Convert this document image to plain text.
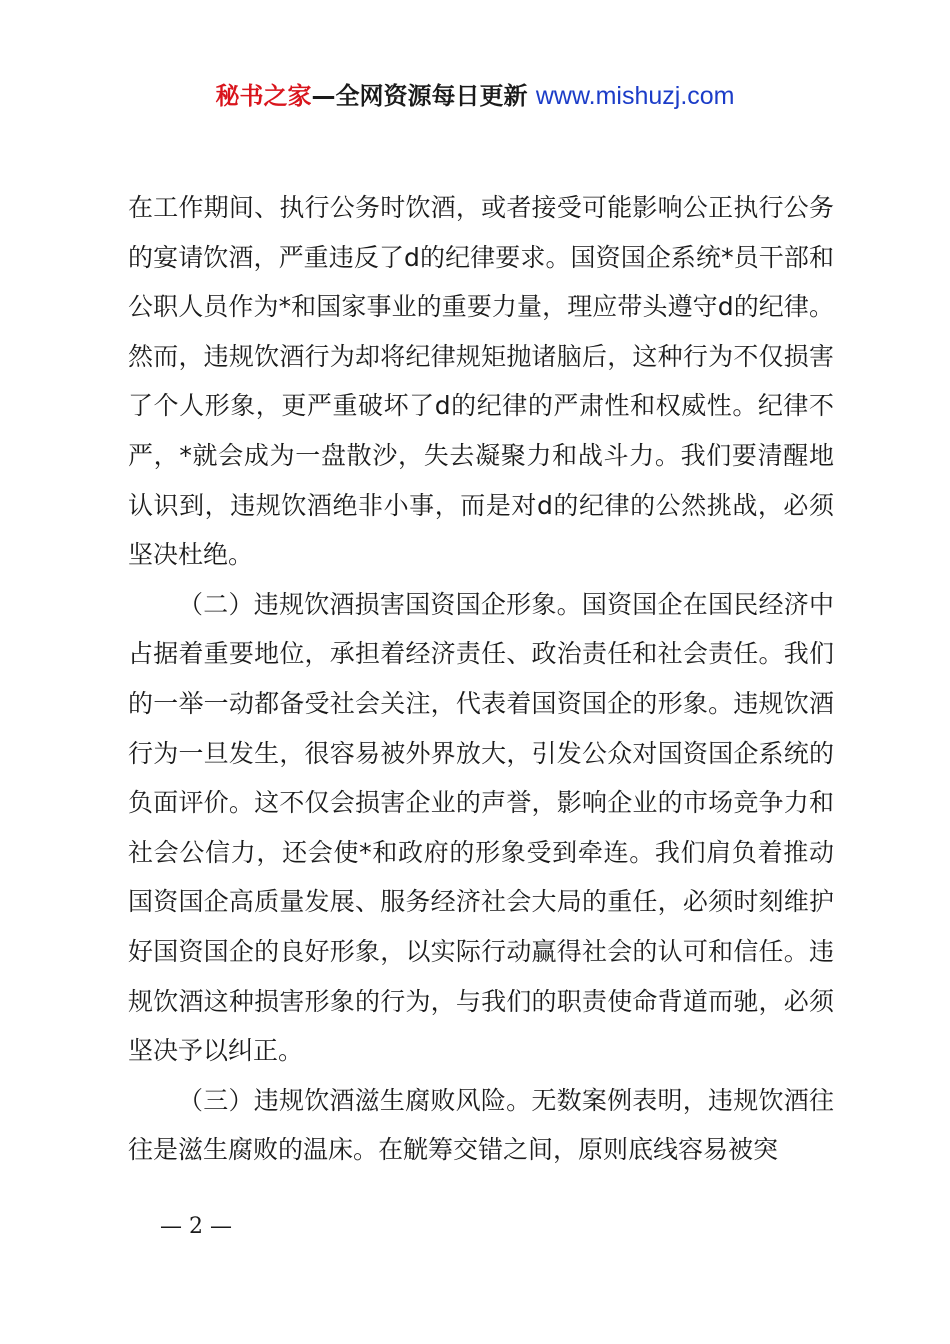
秘书之家—全网资源每日更新 www.mishuzj.com

在工作期间、执行公务时饮酒，或者接受可能影响公正执行公务的宴请饮酒，严重违反了d的纪律要求。国资国企系统*员干部和公职人员作为*和国家事业的重要力量，理应带头遵守d的纪律。然而，违规饮酒行为却将纪律规矩抛诸脑后，这种行为不仅损害了个人形象，更严重破坏了d的纪律的严肃性和权威性。纪律不严，*就会成为一盘散沙，失去凝聚力和战斗力。我们要清醒地认识到，违规饮酒绝非小事，而是对d的纪律的公然挑战，必须坚决杜绝。

（二）违规饮酒损害国资国企形象。国资国企在国民经济中占据着重要地位，承担着经济责任、政治责任和社会责任。我们的一举一动都备受社会关注，代表着国资国企的形象。违规饮酒行为一旦发生，很容易被外界放大，引发公众对国资国企系统的负面评价。这不仅会损害企业的声誉，影响企业的市场竞争力和社会公信力，还会使*和政府的形象受到牵连。我们肩负着推动国资国企高质量发展、服务经济社会大局的重任，必须时刻维护好国资国企的良好形象，以实际行动赢得社会的认可和信任。违规饮酒这种损害形象的行为，与我们的职责使命背道而驰，必须坚决予以纠正。

（三）违规饮酒滋生腐败风险。无数案例表明，违规饮酒往往是滋生腐败的温床。在觥筹交错之间，原则底线容易被突

— 2 —
